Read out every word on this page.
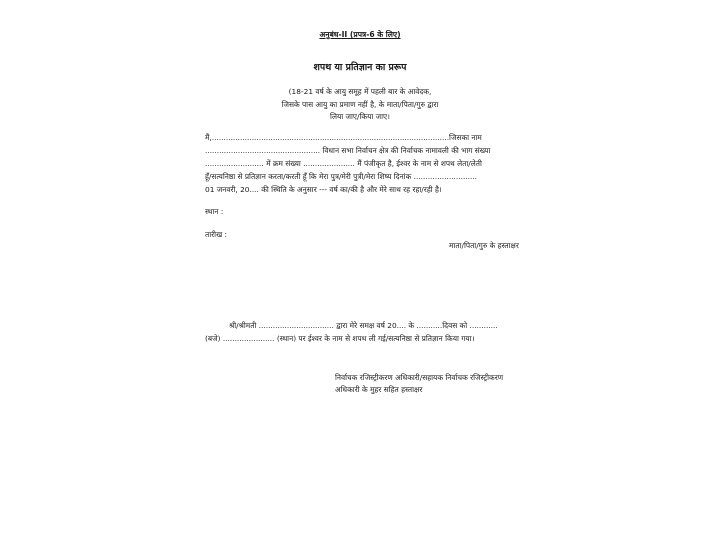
अनुबंध-II (प्रपत्र-6 के लिए)
शपथ या प्रतिज्ञान का प्ररूप
(18-21 वर्ष के आयु समूह में पहली बार के आवेदक,
जिसके पास आयु का प्रमाण नहीं है, के माता/पिता/गुरु द्वारा
लिया जाए/किया जाए।
मैं,.....................................................................................................जिसका नाम
................................................. विधान सभा निर्वाचन क्षेत्र की निर्वाचक नामावली की भाग संख्या
......................... में क्रम संख्या ...................... मैं पंजीकृत है, ईश्वर के नाम से शपथ लेता/लेती
हूँ/सत्यनिष्ठा से प्रतिज्ञान करता/करती हूँ कि मेरा पुत्र/मेरी पुत्री/मेरा शिष्य दिनांक ...........................
01 जनवरी, 20.... की स्थिति के अनुसार --- वर्ष का/की है और मेरे साथ रह रहा/रही है।
स्थान :
तारीख :
माता/पिता/गुरु के हस्ताक्षर
श्री/श्रीमती ................................ द्वारा मेरे समक्ष वर्ष 20.... के ...........दिवस को ............
(बजे) ...................... (स्थान) पर ईश्वर के नाम से शपथ ली गई/सत्यनिष्ठा से प्रतिज्ञान किया गया।
निर्वाचक रजिस्ट्रीकरण अधिकारी/सहायक निर्वाचक रजिस्ट्रीकरण
अधिकारी के मुहर सहित हस्ताक्षर
